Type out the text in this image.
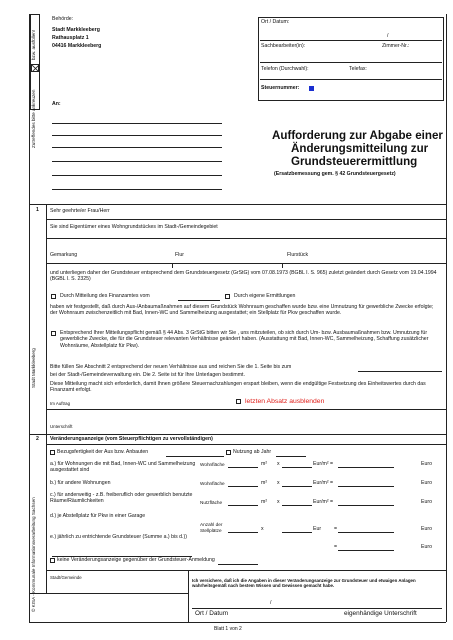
bzw. ausfüllen!
Zutreffendes bitte ankreuzen
Stadt Markkleeberg
© KISA - Kommunale Informationsverarbeitung Sachsen
Behörde:
Stadt Markkleeberg
Rathausplatz 1
04416 Markkleeberg
An:
Ort / Datum:
/
Sachbearbeiter(in):	Zimmer-Nr.:
Telefon (Durchwahl):	Telefax:
Steuernummer:
Aufforderung zur Abgabe einer
Änderungsmitteilung zur
Grundsteuerermittlung
(Ersatzbemessung gem. § 42 Grundsteuergesetz)
1 Sehr geehrte/er Frau/Herr
Sie sind Eigentümer eines Wohngrundstückes im Stadt-/Gemeindegebiet
Gemarkung	Flur	Flurstück
und unterliegen daher der Grundsteuer entsprechend dem Grundsteuergesetz (GrStG) vom 07.08.1973 (BGBL I. S. 965) zuletzt geändert durch Gesetz vom 19.04.1994 (BGBL I. S. 2325)
Durch Mitteilung des Finanzamtes vom	Durch eigene Ermittlungen
haben wir festgestellt, daß durch Aus-/Anbaumaßnahmen auf diesem Grundstück Wohnraum geschaffen wurde bzw. eine Umnutzung für gewerbliche Zwecke erfolgte; der Wohnraum zwischenzeitlich mit Bad, Innen-WC und Sammelheizung ausgestattet; ein Stellplatz für Pkw geschaffen wurde.
Entsprechend Ihrer Mitteilungspflicht gemäß § 44 Abs. 3 GrStG bitten wir Sie , uns mitzuteilen, ob sich durch Um- bzw. Ausbaumaßnahmen bzw. Umnutzung für gewerbliche Zwecke, die für die Grundsteuer relevanten Verhältnisse geändert haben. (Ausstattung mit Bad, Innen-WC, Sammelheizung, Schaffung zusätzlicher Wohnräume, Abstellplatz für Pkw).
Bitte füllen Sie Abschnitt 2 entsprechend der neuen Verhältnisse aus und reichen Sie die 1. Seite bis zum
bei der Stadt-/Gemeindeverwaltung ein. Die 2. Seite ist für Ihre Unterlagen bestimmt.
Diese Mitteilung macht sich erforderlich, damit Ihnen größere Steuernachzahlungen erspart bleiben, wenn die endgültige Festsetzung des Einheitswertes durch das Finanzamt erfolgt.
Im Auftrag	letzten Absatz ausblenden
Unterschrift
2 Veränderungsanzeige (vom Steuerpflichtigen zu vervollständigen)
Bezugsfertigkeit der Aus bzw. Anbauten	Nutzung ab Jahr
a.) für Wohnungen die mit Bad, Innen-WC und Sammelheizung ausgestattet sind
Wohnfläche	m² x	Eur/m² =	Euro
b.) für andere Wohnungen	Wohnfläche	m² x	Eur/m² =	Euro
c.) für anderweitig - z.B. freiberuflich oder gewerblich benutzte Räume/Räumlichkeiten	Nutzfläche	m² x	Eur/m² =	Euro
d.) je Abstellplatz für Pkw in einer Garage
Anzahl der Stellplätze	x	Eur =	Euro
e.) jährlich zu entrichtende Grundsteuer (Summe a.) bis d.))
=	Euro
keine Veränderungsanzeige gegenüber der Grundsteuer-Anmeldung
Stadt/Gemeinde
Ich versichere, daß ich die Angaben in dieser Veränderungsanzeige zur Grundsteuer und etwaigen Anlagen wahrheitsgemäß nach bestem Wissen und Gewissen gemacht habe.
/
Ort / Datum	eigenhändige Unterschrift
Blatt 1 von 2
